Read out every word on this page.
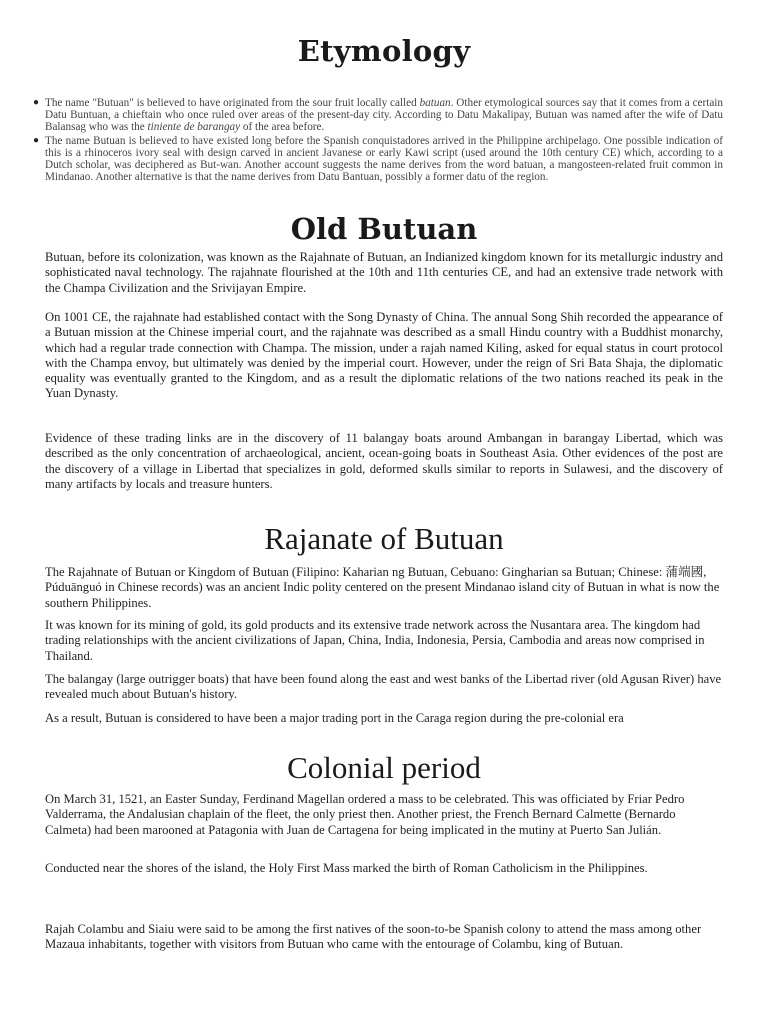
Etymology
● The name "Butuan" is believed to have originated from the sour fruit locally called batuan. Other etymological sources say that it comes from a certain Datu Buntuan, a chieftain who once ruled over areas of the present-day city. According to Datu Makalipay, Butuan was named after the wife of Datu Balansag who was the tiniente de barangay of the area before.
● The name Butuan is believed to have existed long before the Spanish conquistadores arrived in the Philippine archipelago. One possible indication of this is a rhinoceros ivory seal with design carved in ancient Javanese or early Kawi script (used around the 10th century CE) which, according to a Dutch scholar, was deciphered as But-wan. Another account suggests the name derives from the word batuan, a mangosteen-related fruit common in Mindanao. Another alternative is that the name derives from Datu Bantuan, possibly a former datu of the region.
Old Butuan

Butuan, before its colonization, was known as the Rajahnate of Butuan, an Indianized kingdom known for its metallurgic industry and sophisticated naval technology. The rajahnate flourished at the 10th and 11th centuries CE, and had an extensive trade network with the Champa Civilization and the Srivijayan Empire.

On 1001 CE, the rajahnate had established contact with the Song Dynasty of China. The annual Song Shih recorded the appearance of a Butuan mission at the Chinese imperial court, and the rajahnate was described as a small Hindu country with a Buddhist monarchy, which had a regular trade connection with Champa. The mission, under a rajah named Kiling, asked for equal status in court protocol with the Champa envoy, but ultimately was denied by the imperial court. However, under the reign of Sri Bata Shaja, the diplomatic equality was eventually granted to the Kingdom, and as a result the diplomatic relations of the two nations reached its peak in the Yuan Dynasty.

Evidence of these trading links are in the discovery of 11 balangay boats around Ambangan in barangay Libertad, which was described as the only concentration of archaeological, ancient, ocean-going boats in Southeast Asia. Other evidences of the post are the discovery of a village in Libertad that specializes in gold, deformed skulls similar to reports in Sulawesi, and the discovery of many artifacts by locals and treasure hunters.

Rajanate of Butuan

The Rajahnate of Butuan or Kingdom of Butuan (Filipino: Kaharian ng Butuan, Cebuano: Gingharian sa Butuan; Chinese: 蒲端國, Púduānguó in Chinese records) was an ancient Indic polity centered on the present Mindanao island city of Butuan in what is now the southern Philippines.

It was known for its mining of gold, its gold products and its extensive trade network across the Nusantara area. The kingdom had trading relationships with the ancient civilizations of Japan, China, India, Indonesia, Persia, Cambodia and areas now comprised in Thailand.

The balangay (large outrigger boats) that have been found along the east and west banks of the Libertad river (old Agusan River) have revealed much about Butuan's history.

As a result, Butuan is considered to have been a major trading port in the Caraga region during the pre-colonial era

Colonial period

On March 31, 1521, an Easter Sunday, Ferdinand Magellan ordered a mass to be celebrated. This was officiated by Friar Pedro Valderrama, the Andalusian chaplain of the fleet, the only priest then. Another priest, the French Bernard Calmette (Bernardo Calmeta) had been marooned at Patagonia with Juan de Cartagena for being implicated in the mutiny at Puerto San Julián.

Conducted near the shores of the island, the Holy First Mass marked the birth of Roman Catholicism in the Philippines.

Rajah Colambu and Siaiu were said to be among the first natives of the soon-to-be Spanish colony to attend the mass among other Mazaua inhabitants, together with visitors from Butuan who came with the entourage of Colambu, king of Butuan.
